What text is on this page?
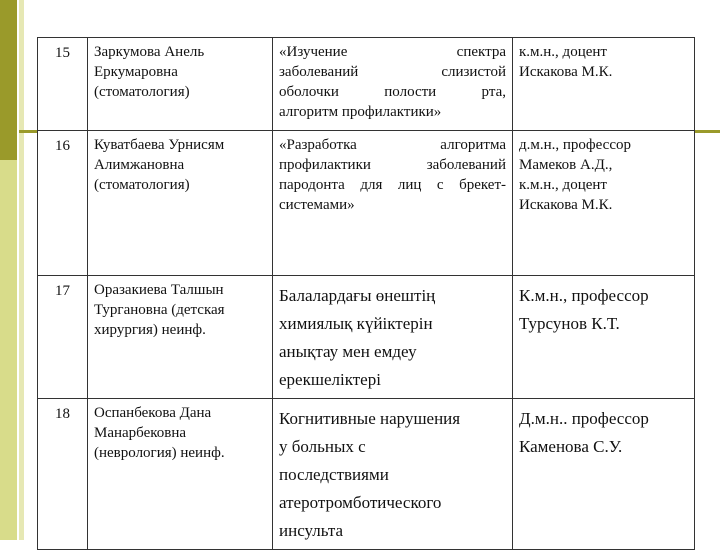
15	Заркумова Анель
Еркумаровна
(стоматология)	«Изучение спектра
заболеваний слизистой
оболочки полости рта,
алгоритм профилактики»	к.м.н., доцент
Искакова М.К.

16	Куватбаева Урнисям
Алимжановна
(стоматология)	«Разработка алгоритма
профилактики заболеваний
пародонта для лиц с брекет-
системами»	д.м.н., профессор
Мамеков А.Д.,
к.м.н., доцент
Искакова М.К.

17	Оразакиева Талшын
Тургановна (детская
хирургия) неинф.	Балалардағы өнештің
химиялық күйіктерін
анықтау мен емдеу
ерекшеліктері	К.м.н., профессор
Турсунов К.Т.

18	Оспанбекова Дана
Манарбековна
(неврология) неинф.	Когнитивные нарушения
у больных с
последствиями
атеротромботического
инсульта	Д.м.н.. профессор
Каменова С.У.
